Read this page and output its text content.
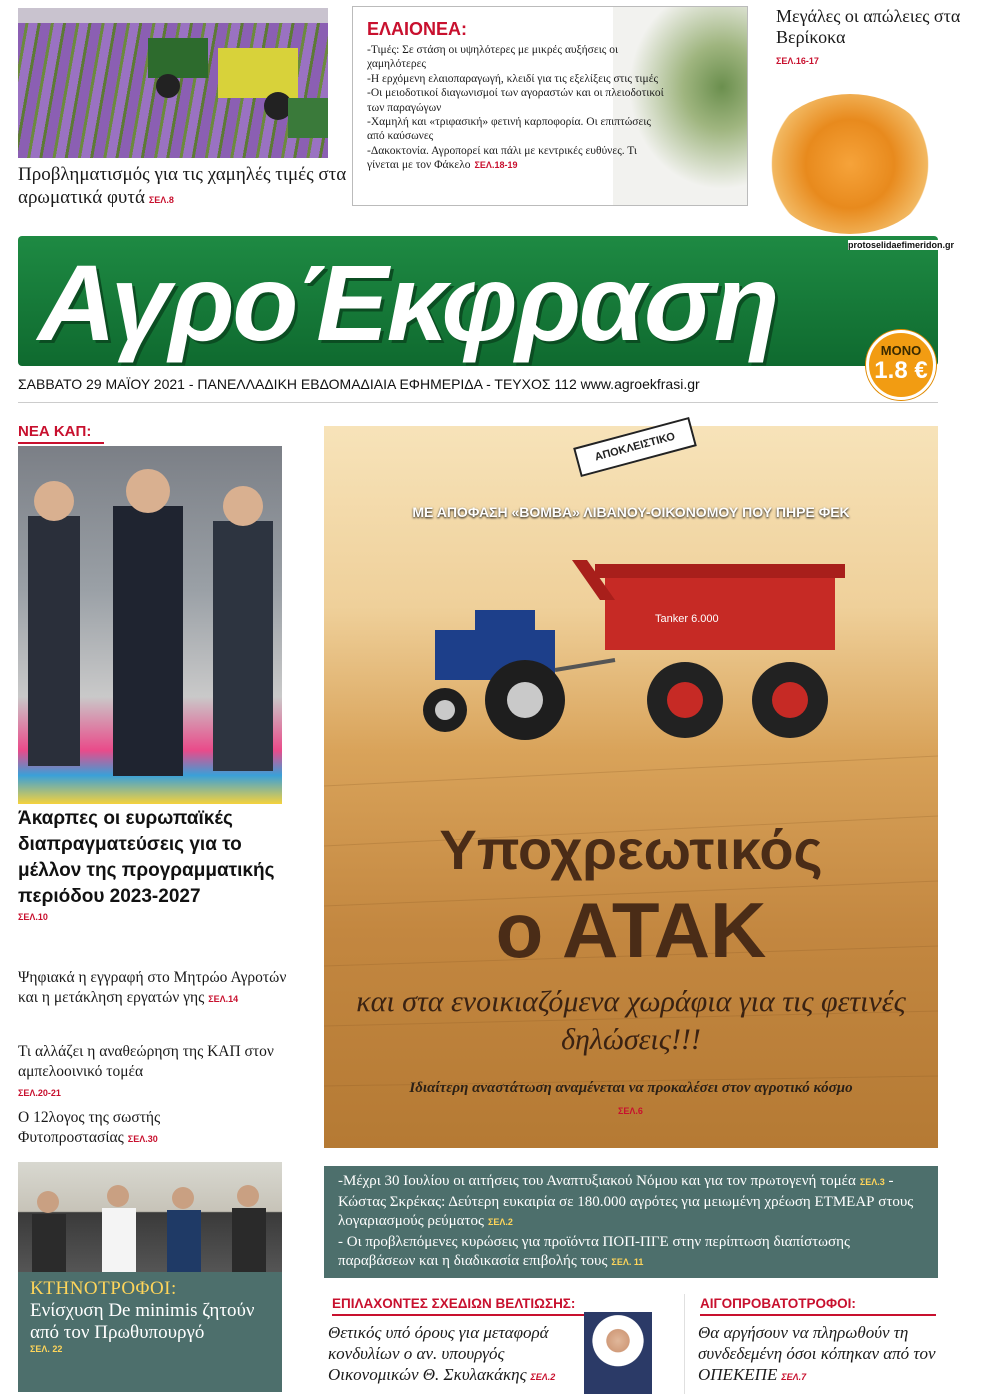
Προβληματισμός για τις χαμηλές τιμές στα αρωματικά φυτά ΣΕΛ.8
ΕΛΑΙΟΝΕΑ:
-Τιμές: Σε στάση οι υψηλότερες με μικρές αυξήσεις οι χαμηλότερες
-Η ερχόμενη ελαιοπαραγωγή, κλειδί για τις εξελίξεις στις τιμές
-Οι μειοδοτικοί διαγωνισμοί των αγοραστών και οι πλειοδοτικοί των παραγώγων
-Χαμηλή και «τριφασική» φετινή καρποφορία. Οι επιπτώσεις από καύσωνες
-Δακοκτονία. Αγροπορεί και πάλι με κεντρικές ευθύνες. Τι γίνεται με τον Φάκελο ΣΕΛ.18-19
Μεγάλες οι απώλειες στα Βερίκοκα
ΣΕΛ.16-17
ΑγροΈκφραση	protoselidaefimeridon.gr
ΜΟΝΟ
1.8 €
ΣΑΒΒΑΤΟ 29 ΜΑΪΟΥ 2021 - ΠΑΝΕΛΛΑΔΙΚΗ ΕΒΔΟΜΑΔΙΑΙΑ ΕΦΗΜΕΡΙΔΑ - ΤΕΥΧΟΣ 112 www.agroekfrasi.gr
ΝΕΑ ΚΑΠ:
Άκαρπες οι ευρωπαϊκές διαπραγματεύσεις για το μέλλον της προγραμματικής περιόδου 2023-2027

ΣΕΛ.10
Ψηφιακά η εγγραφή στο Μητρώο Αγροτών και η μετάκληση εργατών γης ΣΕΛ.14
Τι αλλάζει η αναθεώρηση της ΚΑΠ στον αμπελοοινικό τομέα
ΣΕΛ.20-21
Ο 12λογος της σωστής Φυτοπροστασίας ΣΕΛ.30
ΚΤΗΝΟΤΡΟΦΟΙ:
Ενίσχυση De minimis ζητούν από τον Πρωθυπουργό
ΣΕΛ. 22
ΑΠΟΚΛΕΙΣΤΙΚΟ
ΜΕ ΑΠΟΦΑΣΗ «ΒΟΜΒΑ» ΛΙΒΑΝΟΥ-ΟΙΚΟΝΟΜΟΥ ΠΟΥ ΠΗΡΕ ΦΕΚ
Tanker 6.000
Υποχρεωτικός
ο ΑΤΑΚ
και στα ενοικιαζόμενα χωράφια για τις φετινές δηλώσεις!!!
Ιδιαίτερη αναστάτωση αναμένεται να προκαλέσει στον αγροτικό κόσμο
ΣΕΛ.6
-Μέχρι 30 Ιουλίου οι αιτήσεις του Αναπτυξιακού Νόμου και για τον πρωτογενή τομέα ΣΕΛ.3 - Κώστας Σκρέκας: Δεύτερη ευκαιρία σε 180.000 αγρότες για μειωμένη χρέωση ΕΤΜΕΑΡ στους λογαριασμούς ρεύματος ΣΕΛ.2
- Οι προβλεπόμενες κυρώσεις για προϊόντα ΠΟΠ-ΠΓΕ στην περίπτωση διαπίστωσης παραβάσεων και η διαδικασία επιβολής τους ΣΕΛ. 11
ΕΠΙΛΑΧΟΝΤΕΣ ΣΧΕΔΙΩΝ ΒΕΛΤΙΩΣΗΣ:
Θετικός υπό όρους για μεταφορά κονδυλίων ο αν. υπουργός Οικονομικών Θ. Σκυλακάκης ΣΕΛ.2
ΑΙΓΟΠΡΟΒΑΤΟΤΡΟΦΟΙ:
Θα αργήσουν να πληρωθούν τη συνδεδεμένη όσοι κόπηκαν από τον ΟΠΕΚΕΠΕ ΣΕΛ.7
